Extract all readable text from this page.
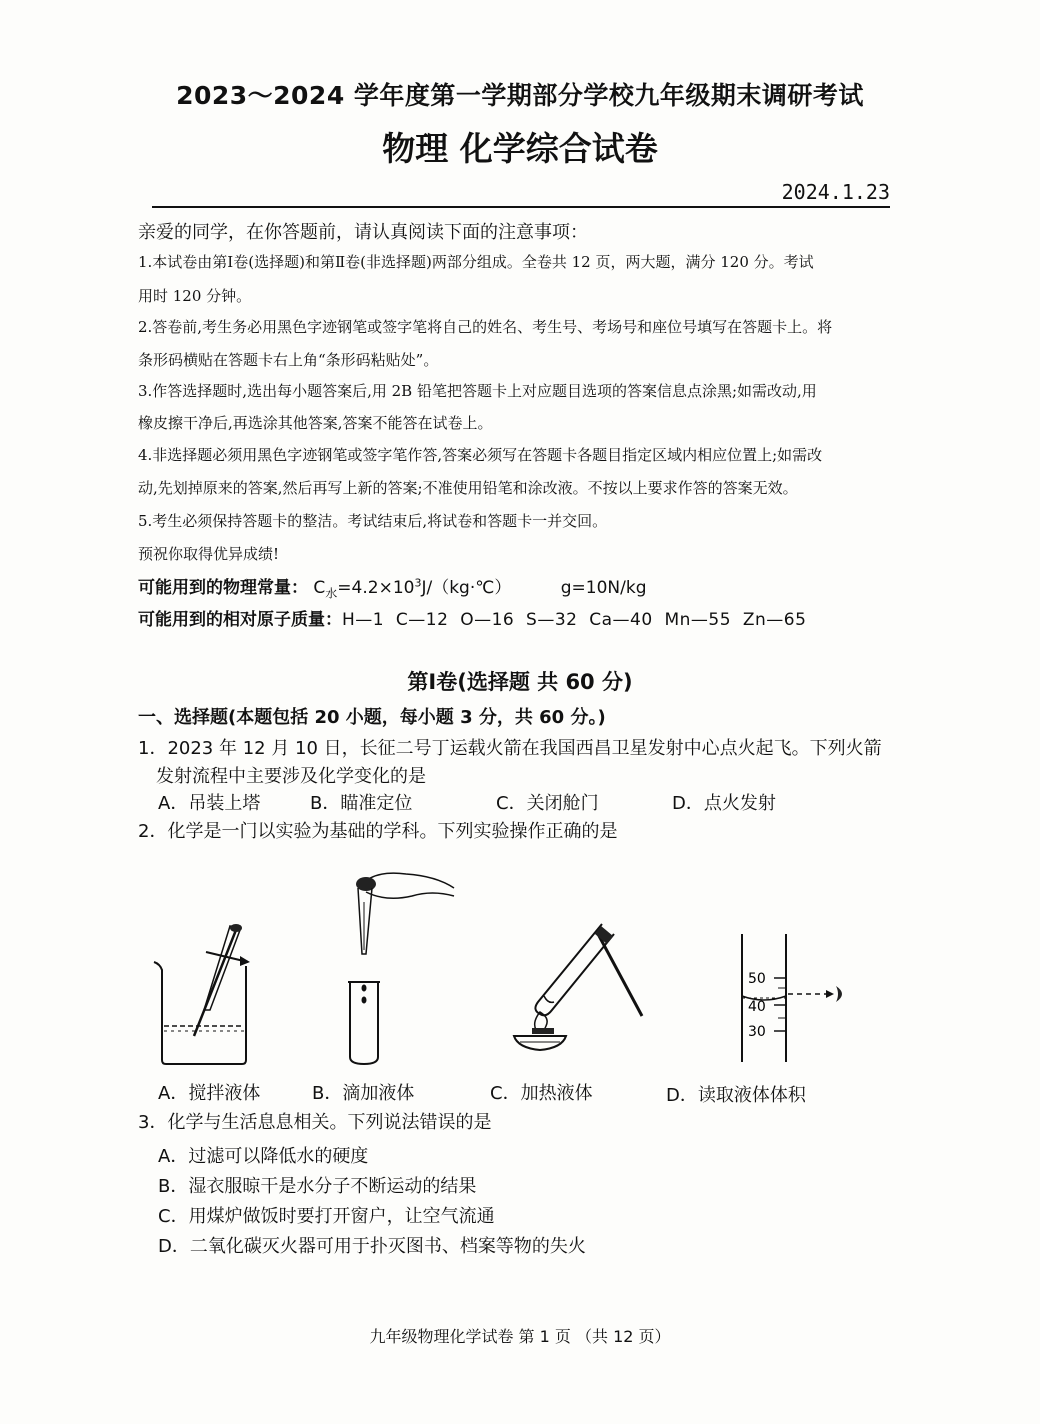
2023～2024 学年度第一学期部分学校九年级期末调研考试
物理 化学综合试卷
2024.1.23
亲爱的同学，在你答题前，请认真阅读下面的注意事项：
1.本试卷由第Ⅰ卷(选择题)和第Ⅱ卷(非选择题)两部分组成。全卷共 12 页，两大题，满分 120 分。考试
用时 120 分钟。
2.答卷前,考生务必用黑色字迹钢笔或签字笔将自己的姓名、考生号、考场号和座位号填写在答题卡上。将
条形码横贴在答题卡右上角“条形码粘贴处”。
3.作答选择题时,选出每小题答案后,用 2B 铅笔把答题卡上对应题目选项的答案信息点涂黑;如需改动,用
橡皮擦干净后,再选涂其他答案,答案不能答在试卷上。
4.非选择题必须用黑色字迹钢笔或签字笔作答,答案必须写在答题卡各题目指定区域内相应位置上;如需改
动,先划掉原来的答案,然后再写上新的答案;不准使用铅笔和涂改液。不按以上要求作答的答案无效。
5.考生必须保持答题卡的整洁。考试结束后,将试卷和答题卡一并交回。
预祝你取得优异成绩!
可能用到的物理常量： $C_水=4.2\times 10^3J/(kg\cdot℃)$	g=10N/kg
可能用到的相对原子质量：H—1  C—12  O—16  S—32  Ca—40  Mn—55  Zn—65
第Ⅰ卷(选择题 共 60 分)
一、选择题(本题包括 20 小题，每小题 3 分，共 60 分。)
1．2023 年 12 月 10 日，长征二号丁运载火箭在我国西昌卫星发射中心点火起飞。下列火箭
发射流程中主要涉及化学变化的是
A．吊装上塔	B．瞄准定位	C．关闭舱门	D．点火发射
2．化学是一门以实验为基础的学科。下列实验操作正确的是
50
40
30
A．搅拌液体	B．滴加液体	C．加热液体	D．读取液体体积
3．化学与生活息息相关。下列说法错误的是
A．过滤可以降低水的硬度
B．湿衣服晾干是水分子不断运动的结果
C．用煤炉做饭时要打开窗户，让空气流通
D．二氧化碳灭火器可用于扑灭图书、档案等物的失火
九年级物理化学试卷 第 1 页 （共 12 页）
